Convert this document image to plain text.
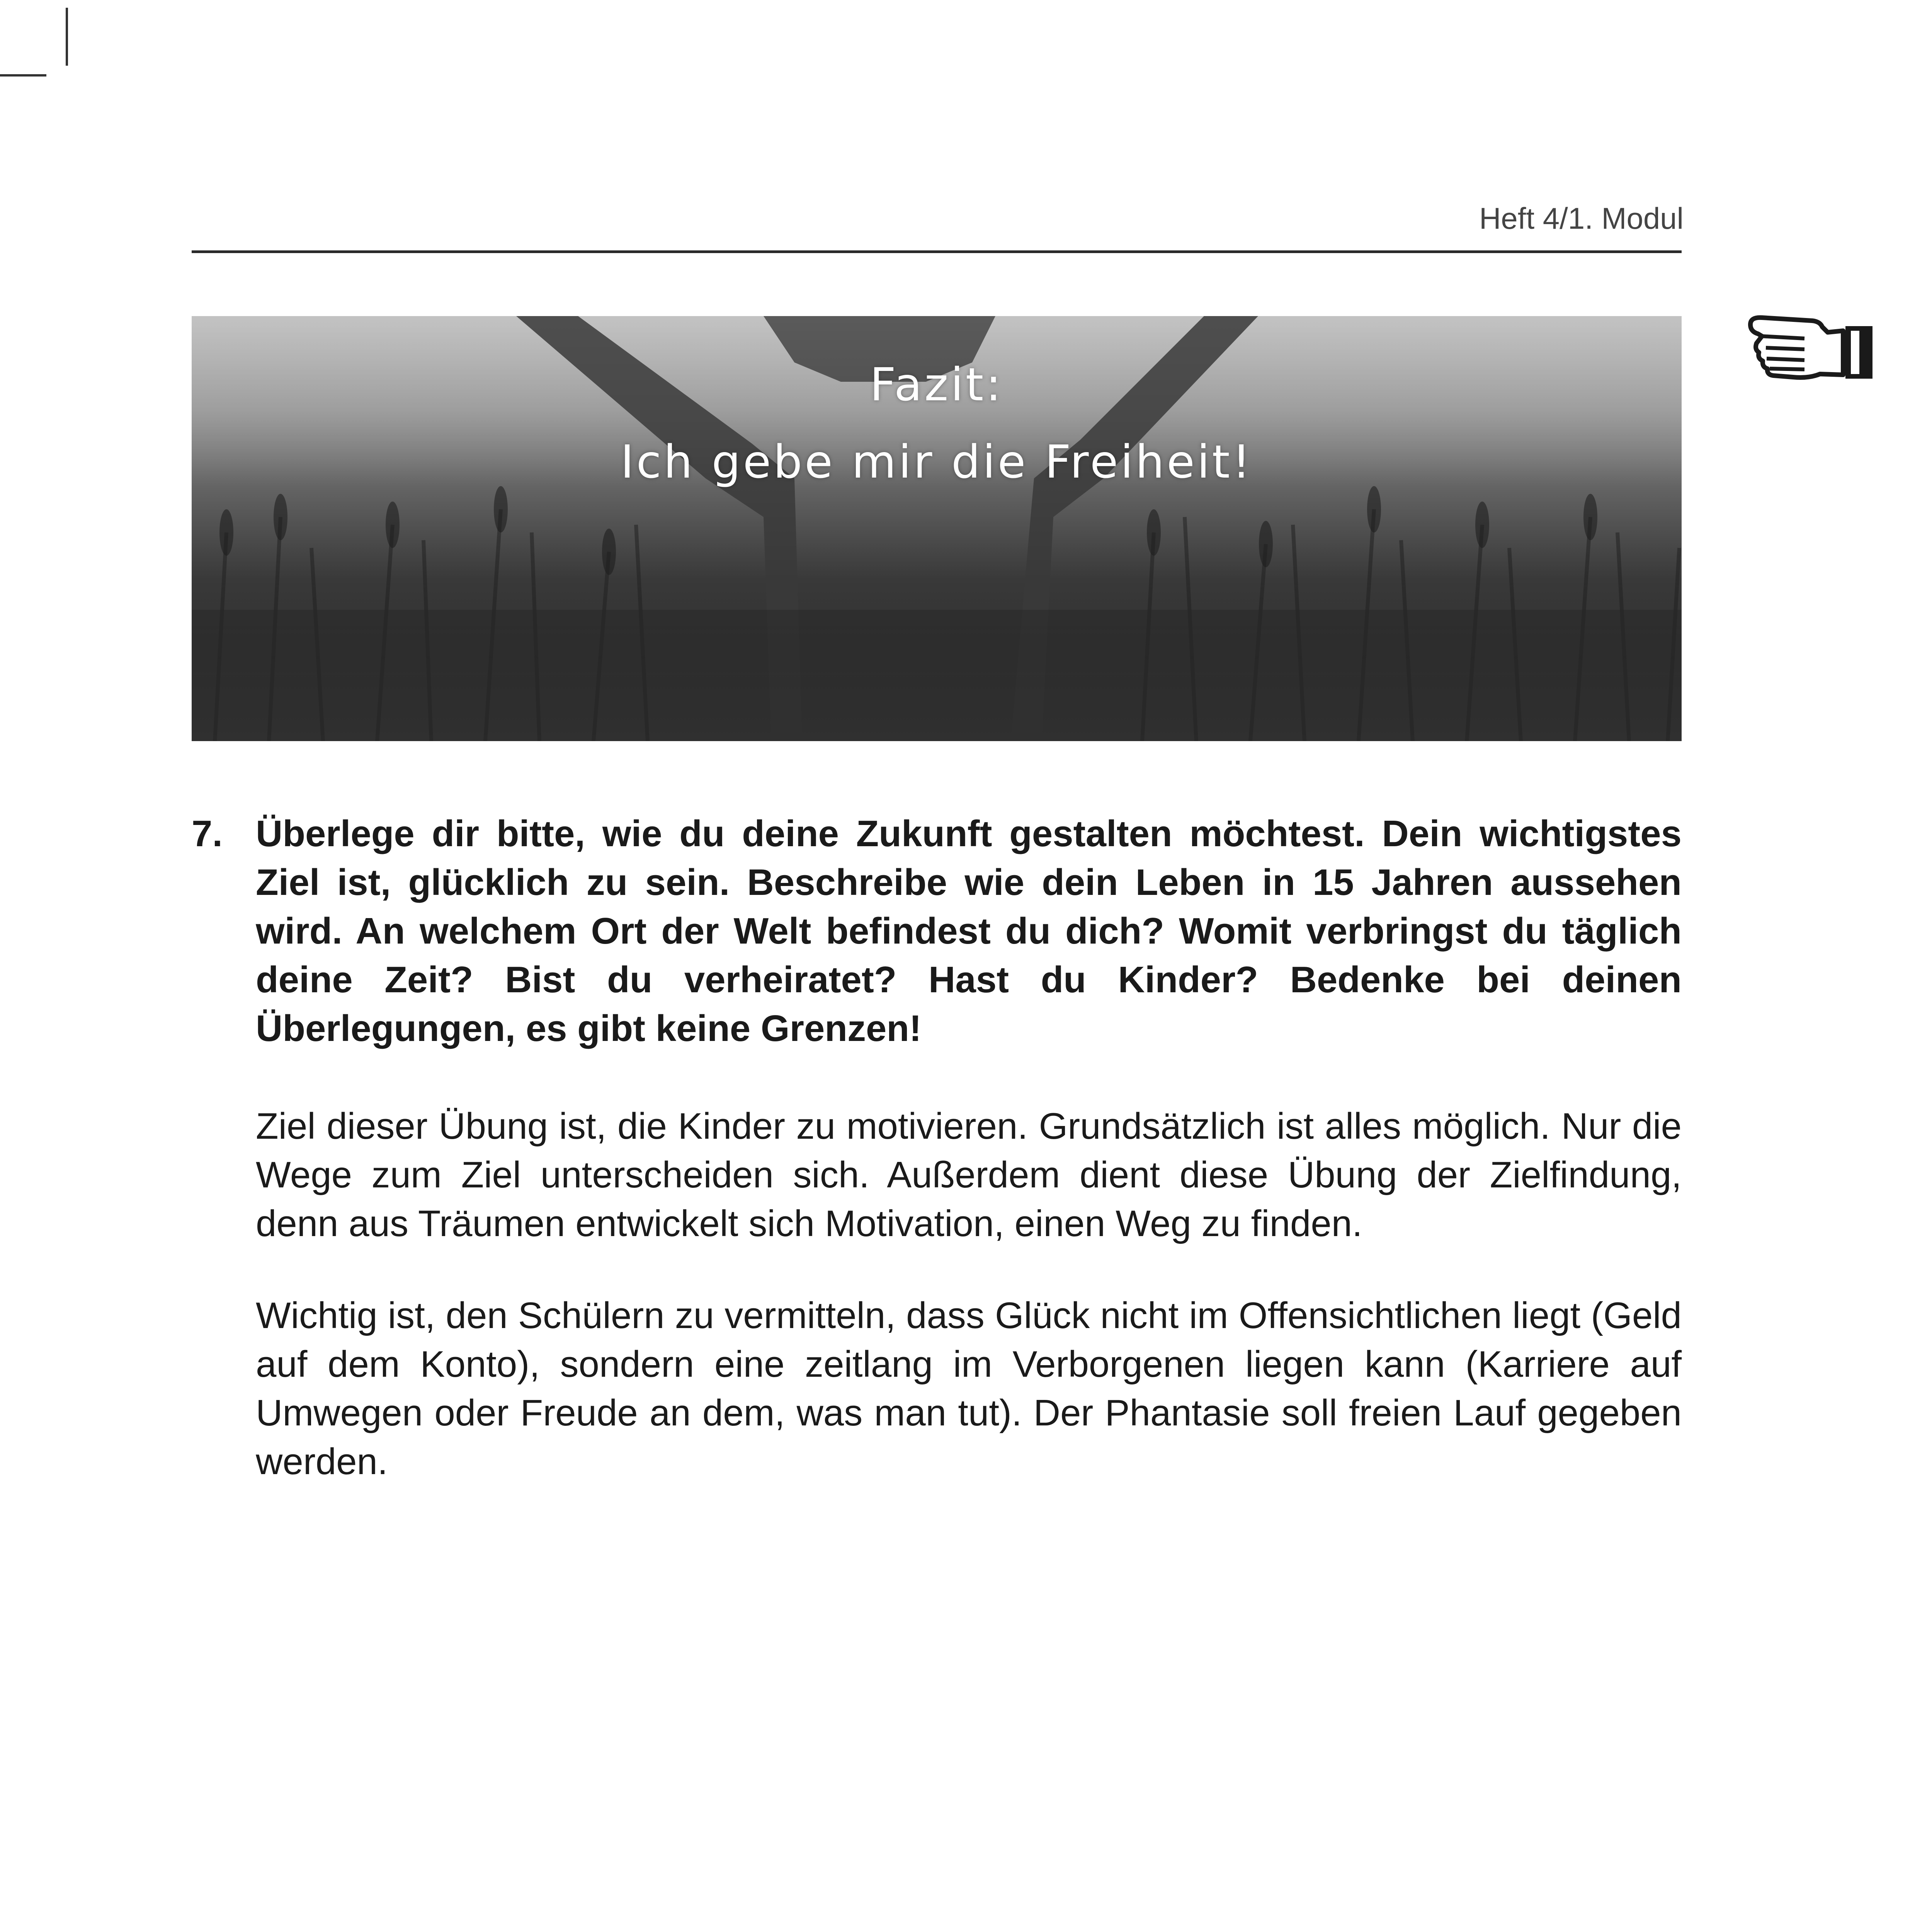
Heft 4/1. Modul
Fazit:
Ich gebe mir die Freiheit!
7. Überlege dir bitte, wie du deine Zukunft gestalten möchtest. Dein wichtigstes Ziel ist, glücklich zu sein. Beschreibe wie dein Leben in 15 Jahren aussehen wird. An welchem Ort der Welt befindest du dich? Womit verbringst du täglich deine Zeit? Bist du verheiratet? Hast du Kinder? Bedenke bei deinen Überlegungen, es gibt keine Grenzen!
Ziel dieser Übung ist, die Kinder zu motivieren. Grundsätzlich ist alles möglich. Nur die Wege zum Ziel unterscheiden sich. Außerdem dient diese Übung der Zielfindung, denn aus Träumen entwickelt sich Motivation, einen Weg zu finden.
Wichtig ist, den Schülern zu vermitteln, dass Glück nicht im Offensichtlichen liegt (Geld auf dem Konto), sondern eine zeitlang im Verborgenen liegen kann (Karriere auf Umwegen oder Freude an dem, was man tut). Der Phantasie soll freien Lauf gegeben werden.
